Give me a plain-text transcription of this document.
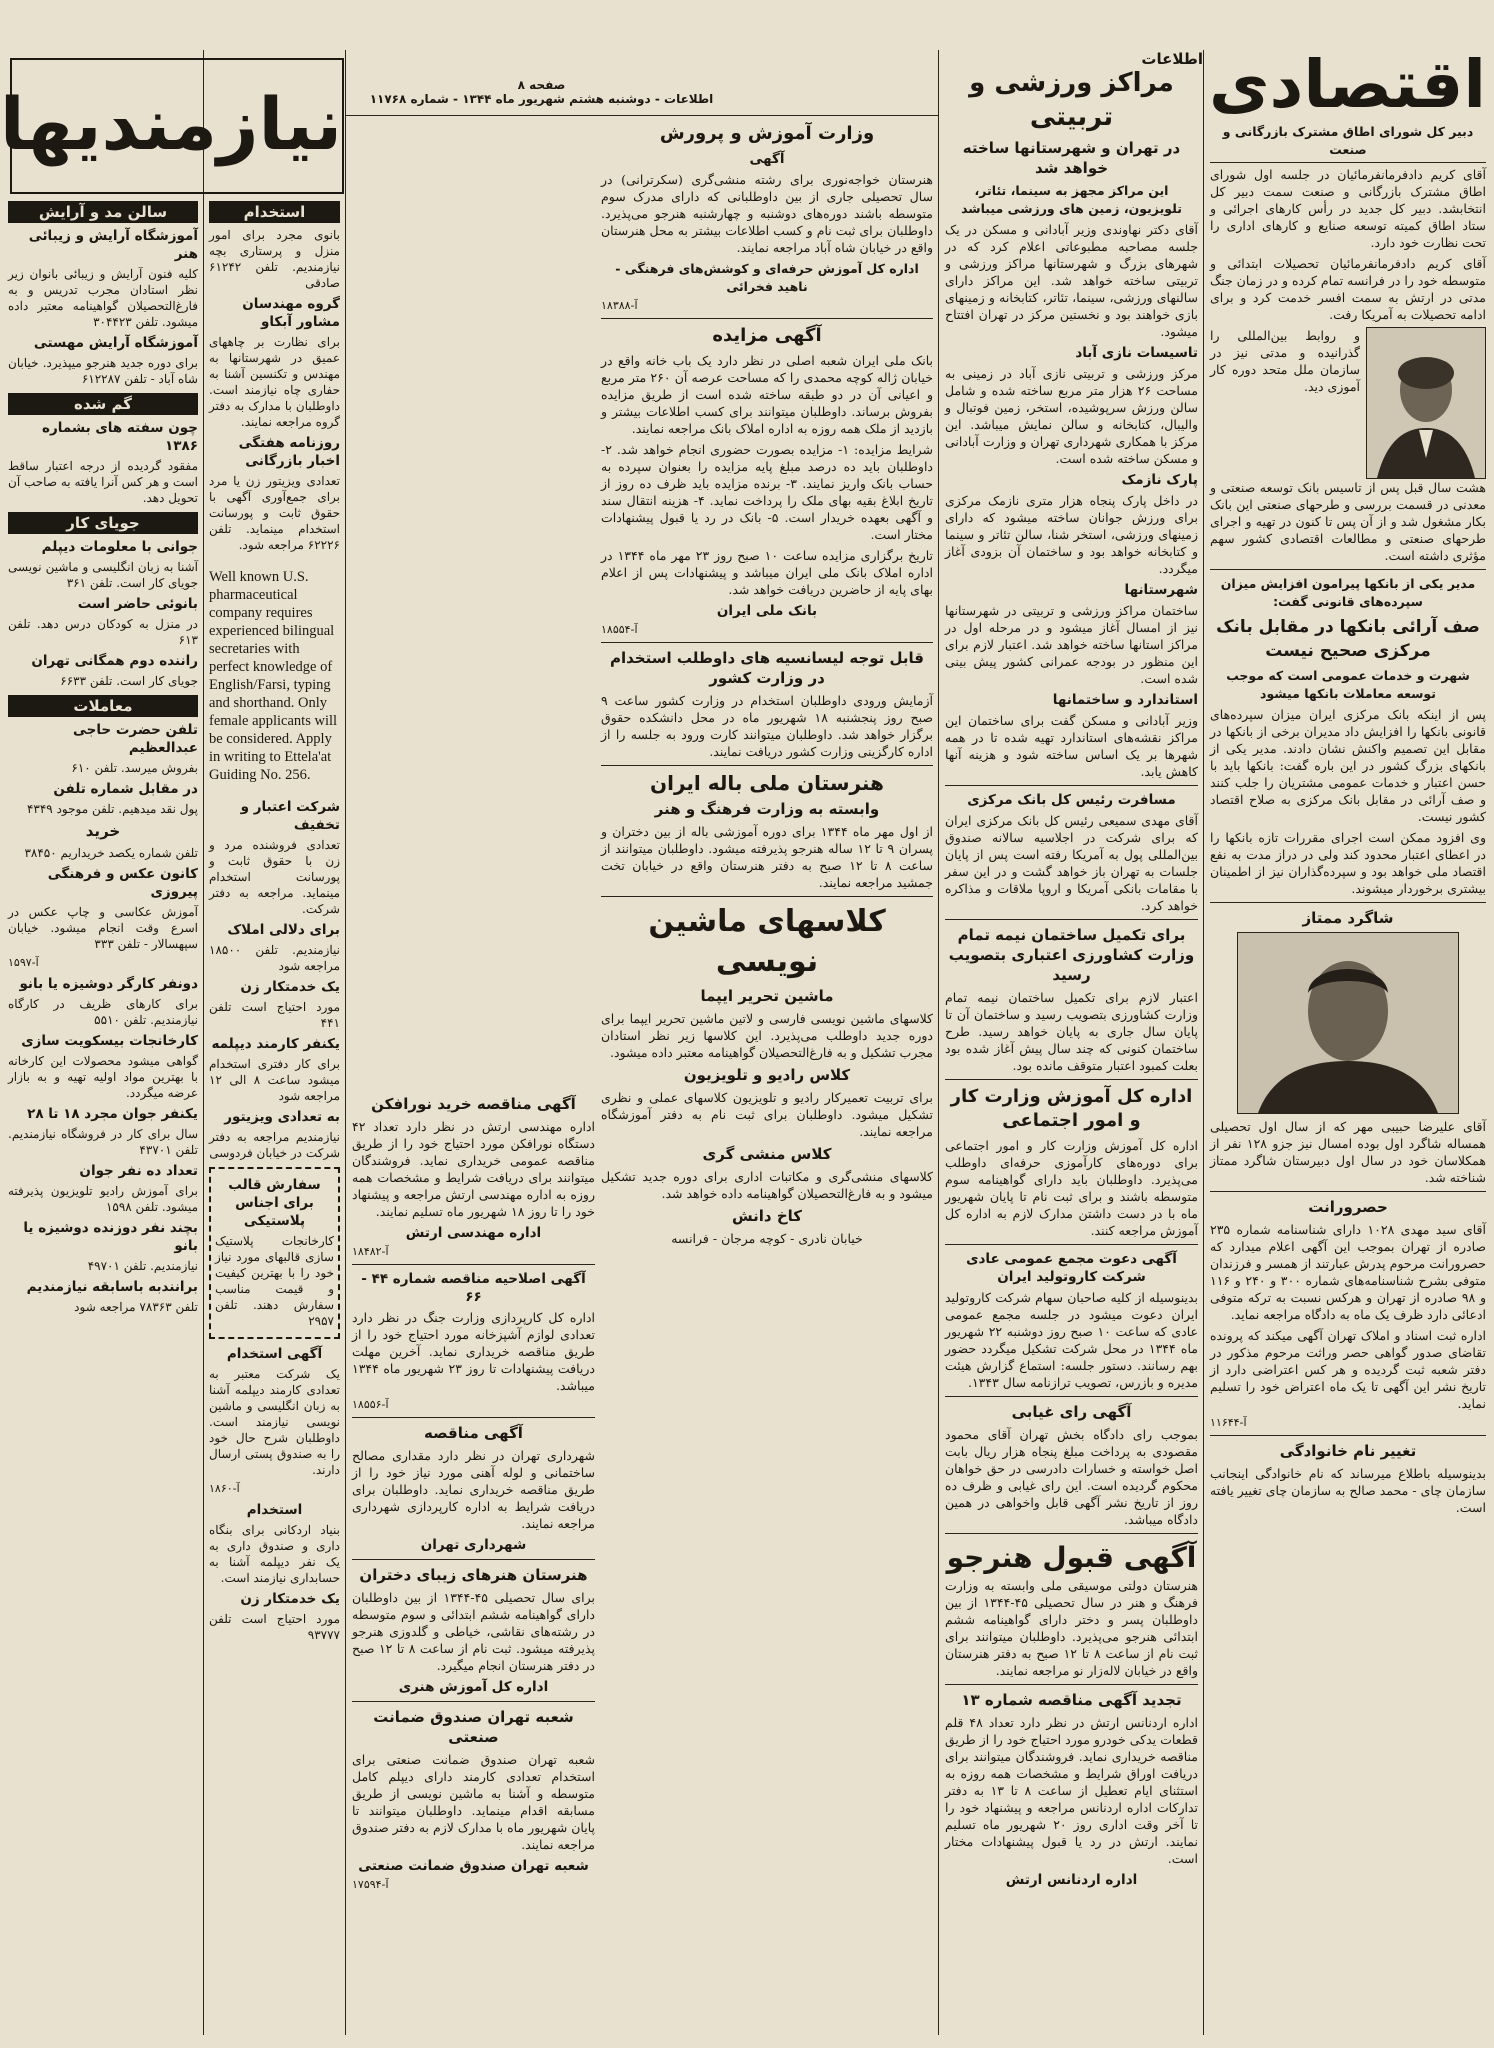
صفحه ۸
اطلاعات - دوشنبه هشتم شهریور ماه ۱۳۴۴ - شماره ۱۱۷۶۸	اقتصادی
اطلاعات
دبیر کل شورای اطاق مشترک بازرگانی و صنعت

آقای کریم دادفرمانفرمائیان در جلسه اول شورای اطاق مشترک بازرگانی و صنعت سمت دبیر کل انتخابشد. دبیر کل جدید در رأس کارهای اجرائی و ستاد اطاق کمیته توسعه صنایع و کارهای اداری را تحت نظارت خود دارد.

آقای کریم دادفرمانفرمائیان تحصیلات ابتدائی و متوسطه خود را در فرانسه تمام کرده و در زمان جنگ مدتی در ارتش به سمت افسر خدمت کرد و برای ادامه تحصیلات به آمریکا رفت.

و روابط بین‌المللی را گذرانیده و مدتی نیز در سازمان ملل متحد دوره کار آموزی دید.

هشت سال قبل پس از تاسیس بانک توسعه صنعتی و معدنی در قسمت بررسی و طرحهای صنعتی این بانک بکار مشغول شد و از آن پس تا کنون در تهیه و اجرای طرحهای صنعتی و مطالعات اقتصادی کشور سهم مؤثری داشته است.

مدیر یکی از بانکها پیرامون افزایش میزان سپرده‌های قانونی گفت:
صف آرائی بانکها در مقابل بانک مرکزی صحیح نیست
شهرت و خدمات عمومی است که موجب توسعه معاملات بانکها میشود

پس از اینکه بانک مرکزی ایران میزان سپرده‌های قانونی بانکها را افزایش داد مدیران برخی از بانکها در مقابل این تصمیم واکنش نشان دادند. مدیر یکی از بانکهای بزرگ کشور در این باره گفت: بانکها باید با حسن اعتبار و خدمات عمومی مشتریان را جلب کنند و صف آرائی در مقابل بانک مرکزی به صلاح اقتصاد کشور نیست.

وی افزود ممکن است اجرای مقررات تازه بانکها را در اعطای اعتبار محدود کند ولی در دراز مدت به نفع اقتصاد ملی خواهد بود و سپرده‌گذاران نیز از اطمینان بیشتری برخوردار میشوند.

شاگرد ممتاز

آقای علیرضا حبیبی مهر که از سال اول تحصیلی همساله شاگرد اول بوده امسال نیز جزو ۱۲۸ نفر از همکلاسان خود در سال اول دبیرستان شاگرد ممتاز شناخته شد.

حصرورانت

آقای سید مهدی ۱۰۲۸ دارای شناسنامه شماره ۲۳۵ صادره از تهران بموجب این آگهی اعلام میدارد که حصرورانت مرحوم پدرش عبارتند از همسر و فرزندان متوفی بشرح شناسنامه‌های شماره ۳۰۰ و ۲۴۰ و ۱۱۶ و ۹۸ صادره از تهران و هرکس نسبت به ترکه متوفی ادعائی دارد ظرف یک ماه به دادگاه مراجعه نماید.

اداره ثبت اسناد و املاک تهران آگهی میکند که پرونده تقاضای صدور گواهی حصر وراثت مرحوم مذکور در دفتر شعبه ثبت گردیده و هر کس اعتراضی دارد از تاریخ نشر این آگهی تا یک ماه اعتراض خود را تسلیم نماید.

آ-۱۱۶۴۴
تغییر نام خانوادگی

بدینوسیله باطلاع میرساند که نام خانوادگی اینجانب سازمان چای - محمد صالح به سازمان چای تغییر یافته است.

مراکز ورزشی و تربیتی
در تهران و شهرستانها ساخته خواهد شد
این مراکز مجهز به سینما، تئاتر، تلویزیون، زمین های ورزشی میباشد

آقای دکتر نهاوندی وزیر آبادانی و مسکن در یک جلسه مصاحبه مطبوعاتی اعلام کرد که در شهرهای بزرگ و شهرستانها مراکز ورزشی و تربیتی ساخته خواهد شد. این مراکز دارای سالنهای ورزشی، سینما، تئاتر، کتابخانه و زمینهای بازی خواهند بود و نخستین مرکز در تهران افتتاح میشود.

تاسیسات نازی آباد

مرکز ورزشی و تربیتی نازی آباد در زمینی به مساحت ۲۶ هزار متر مربع ساخته شده و شامل سالن ورزش سرپوشیده، استخر، زمین فوتبال و والیبال، کتابخانه و سالن نمایش میباشد. این مرکز با همکاری شهرداری تهران و وزارت آبادانی و مسکن ساخته شده است.

پارک نازمک

در داخل پارک پنجاه هزار متری نازمک مرکزی برای ورزش جوانان ساخته میشود که دارای زمینهای ورزشی، استخر شنا، سالن تئاتر و سینما و کتابخانه خواهد بود و ساختمان آن بزودی آغاز میگردد.

شهرستانها

ساختمان مراکز ورزشی و تربیتی در شهرستانها نیز از امسال آغاز میشود و در مرحله اول در مراکز استانها ساخته خواهد شد. اعتبار لازم برای این منظور در بودجه عمرانی کشور پیش بینی شده است.

استاندارد و ساختمانها

وزیر آبادانی و مسکن گفت برای ساختمان این مراکز نقشه‌های استاندارد تهیه شده تا در همه شهرها بر یک اساس ساخته شود و هزینه آنها کاهش یابد.

مسافرت رئیس کل بانک مرکزی

آقای مهدی سمیعی رئیس کل بانک مرکزی ایران که برای شرکت در اجلاسیه سالانه صندوق بین‌المللی پول به آمریکا رفته است پس از پایان جلسات به تهران باز خواهد گشت و در این سفر با مقامات بانکی آمریکا و اروپا ملاقات و مذاکره خواهد کرد.

برای تکمیل ساختمان نیمه تمام وزارت کشاورزی اعتباری بتصویب رسید

اعتبار لازم برای تکمیل ساختمان نیمه تمام وزارت کشاورزی بتصویب رسید و ساختمان آن تا پایان سال جاری به پایان خواهد رسید. طرح ساختمان کنونی که چند سال پیش آغاز شده بود بعلت کمبود اعتبار متوقف مانده بود.

اداره کل آموزش وزارت کار و امور اجتماعی

اداره کل آموزش وزارت کار و امور اجتماعی برای دوره‌های کارآموزی حرفه‌ای داوطلب می‌پذیرد. داوطلبان باید دارای گواهینامه سوم متوسطه باشند و برای ثبت نام تا پایان شهریور ماه با در دست داشتن مدارک لازم به اداره کل آموزش مراجعه کنند.

آگهی دعوت مجمع عمومی عادی شرکت کاروتولید ایران

بدینوسیله از کلیه صاحبان سهام شرکت کاروتولید ایران دعوت میشود در جلسه مجمع عمومی عادی که ساعت ۱۰ صبح روز دوشنبه ۲۲ شهریور ماه ۱۳۴۴ در محل شرکت تشکیل میگردد حضور بهم رسانند. دستور جلسه: استماع گزارش هیئت مدیره و بازرس، تصویب ترازنامه سال ۱۳۴۳.

آگهی رای غیابی

بموجب رای دادگاه بخش تهران آقای محمود مقصودی به پرداخت مبلغ پنجاه هزار ریال بابت اصل خواسته و خسارات دادرسی در حق خواهان محکوم گردیده است. این رای غیابی و ظرف ده روز از تاریخ نشر آگهی قابل واخواهی در همین دادگاه میباشد.

آگهی قبول هنرجو

هنرستان دولتی موسیقی ملی وابسته به وزارت فرهنگ و هنر در سال تحصیلی ۴۵-۱۳۴۴ از بین داوطلبان پسر و دختر دارای گواهینامه ششم ابتدائی هنرجو می‌پذیرد. داوطلبان میتوانند برای ثبت نام از ساعت ۸ تا ۱۲ صبح به دفتر هنرستان واقع در خیابان لاله‌زار نو مراجعه نمایند.

تجدید آگهی مناقصه شماره ۱۳

اداره اردنانس ارتش در نظر دارد تعداد ۴۸ قلم قطعات یدکی خودرو مورد احتیاج خود را از طریق مناقصه خریداری نماید. فروشندگان میتوانند برای دریافت اوراق شرایط و مشخصات همه روزه به استثنای ایام تعطیل از ساعت ۸ تا ۱۳ به دفتر تدارکات اداره اردنانس مراجعه و پیشنهاد خود را تا آخر وقت اداری روز ۲۰ شهریور ماه تسلیم نمایند. ارتش در رد یا قبول پیشنهادات مختار است.

اداره اردنانس ارتش
وزارت آموزش و پرورش
آگهی

هنرستان خواجه‌نوری برای رشته منشی‌گری (سکرترانی) در سال تحصیلی جاری از بین داوطلبانی که دارای مدرک سوم متوسطه باشند دوره‌های دوشنبه و چهارشنبه هنرجو می‌پذیرد. داوطلبان برای ثبت نام و کسب اطلاعات بیشتر به محل هنرستان واقع در خیابان شاه آباد مراجعه نمایند.

اداره کل آموزش حرفه‌ای و کوشش‌های فرهنگی - ناهید فخرائی
آ-۱۸۳۸۸
آگهی مزایده

بانک ملی ایران شعبه اصلی در نظر دارد یک باب خانه واقع در خیابان ژاله کوچه محمدی را که مساحت عرصه آن ۲۶۰ متر مربع و اعیانی آن در دو طبقه ساخته شده است از طریق مزایده بفروش برساند. داوطلبان میتوانند برای کسب اطلاعات بیشتر و بازدید از ملک همه روزه به اداره املاک بانک مراجعه نمایند.

شرایط مزایده: ۱- مزایده بصورت حضوری انجام خواهد شد. ۲- داوطلبان باید ده درصد مبلغ پایه مزایده را بعنوان سپرده به حساب بانک واریز نمایند. ۳- برنده مزایده باید ظرف ده روز از تاریخ ابلاغ بقیه بهای ملک را پرداخت نماید. ۴- هزینه انتقال سند و آگهی بعهده خریدار است. ۵- بانک در رد یا قبول پیشنهادات مختار است.

تاریخ برگزاری مزایده ساعت ۱۰ صبح روز ۲۳ مهر ماه ۱۳۴۴ در اداره املاک بانک ملی ایران میباشد و پیشنهادات پس از اعلام بهای پایه از حاضرین دریافت خواهد شد.

بانک ملی ایران
آ-۱۸۵۵۴
قابل توجه لیسانسیه های داوطلب استخدام در وزارت کشور

آزمایش ورودی داوطلبان استخدام در وزارت کشور ساعت ۹ صبح روز پنجشنبه ۱۸ شهریور ماه در محل دانشکده حقوق برگزار خواهد شد. داوطلبان میتوانند کارت ورود به جلسه را از اداره کارگزینی وزارت کشور دریافت نمایند.

هنرستان ملی باله ایران
وابسته به وزارت فرهنگ و هنر

از اول مهر ماه ۱۳۴۴ برای دوره آموزشی باله از بین دختران و پسران ۹ تا ۱۲ ساله هنرجو پذیرفته میشود. داوطلبان میتوانند از ساعت ۸ تا ۱۲ صبح به دفتر هنرستان واقع در خیابان تخت جمشید مراجعه نمایند.

کلاسهای ماشین نویسی
ماشین تحریر ایپما

کلاسهای ماشین نویسی فارسی و لاتین ماشین تحریر ایپما برای دوره جدید داوطلب می‌پذیرد. این کلاسها زیر نظر استادان مجرب تشکیل و به فارغ‌التحصیلان گواهینامه معتبر داده میشود.

کلاس رادیو و تلویزیون

برای تربیت تعمیرکار رادیو و تلویزیون کلاسهای عملی و نظری تشکیل میشود. داوطلبان برای ثبت نام به دفتر آموزشگاه مراجعه نمایند.

کلاس منشی گری

کلاسهای منشی‌گری و مکاتبات اداری برای دوره جدید تشکیل میشود و به فارغ‌التحصیلان گواهینامه داده خواهد شد.

کاخ دانش

خیابان نادری - کوچه مرجان - فرانسه

آگهی مناقصه خرید نورافکن

اداره مهندسی ارتش در نظر دارد تعداد ۴۲ دستگاه نورافکن مورد احتیاج خود را از طریق مناقصه عمومی خریداری نماید. فروشندگان میتوانند برای دریافت شرایط و مشخصات همه روزه به اداره مهندسی ارتش مراجعه و پیشنهاد خود را تا روز ۱۸ شهریور ماه تسلیم نمایند.

اداره مهندسی ارتش
آ-۱۸۴۸۲
آگهی اصلاحیه مناقصه شماره ۴۴ - ۶۶

اداره کل کارپردازی وزارت جنگ در نظر دارد تعدادی لوازم آشپزخانه مورد احتیاج خود را از طریق مناقصه خریداری نماید. آخرین مهلت دریافت پیشنهادات تا روز ۲۳ شهریور ماه ۱۳۴۴ میباشد.

آ-۱۸۵۵۶
آگهی مناقصه

شهرداری تهران در نظر دارد مقداری مصالح ساختمانی و لوله آهنی مورد نیاز خود را از طریق مناقصه خریداری نماید. داوطلبان برای دریافت شرایط به اداره کارپردازی شهرداری مراجعه نمایند.

شهرداری تهران
هنرستان هنرهای زیبای دختران

برای سال تحصیلی ۴۵-۱۳۴۴ از بین داوطلبان دارای گواهینامه ششم ابتدائی و سوم متوسطه در رشته‌های نقاشی، خیاطی و گلدوزی هنرجو پذیرفته میشود. ثبت نام از ساعت ۸ تا ۱۲ صبح در دفتر هنرستان انجام میگیرد.

اداره کل آموزش هنری
شعبه تهران صندوق ضمانت صنعتی

شعبه تهران صندوق ضمانت صنعتی برای استخدام تعدادی کارمند دارای دیپلم کامل متوسطه و آشنا به ماشین نویسی از طریق مسابقه اقدام مینماید. داوطلبان میتوانند تا پایان شهریور ماه با مدارک لازم به دفتر صندوق مراجعه نمایند.

شعبه تهران صندوق ضمانت صنعتی
آ-۱۷۵۹۴
استخدام

بانوی مجرد برای امور منزل و پرستاری بچه نیازمندیم. تلفن ۶۱۲۴۲ صادقی

گروه مهندسان مشاور آبکاو

برای نظارت بر چاههای عمیق در شهرستانها به مهندس و تکنسین آشنا به حفاری چاه نیازمند است. داوطلبان با مدارک به دفتر گروه مراجعه نمایند.

روزنامه هفتگی اخبار بازرگانی

تعدادی ویزیتور زن یا مرد برای جمع‌آوری آگهی با حقوق ثابت و پورسانت استخدام مینماید. تلفن ۶۲۲۲۶ مراجعه شود.

Well known U.S. pharmaceutical company requires experienced bilingual secretaries with perfect knowledge of English/Farsi, typing and shorthand. Only female applicants will be considered. Apply in writing to Ettela'at Guiding No. 256.

شرکت اعتبار و تخفیف

تعدادی فروشنده مرد و زن با حقوق ثابت و پورسانت استخدام مینماید. مراجعه به دفتر شرکت.

برای دلالی املاک

نیازمندیم. تلفن ۱۸۵۰۰ مراجعه شود

یک خدمتکار زن

مورد احتیاج است تلفن ۴۴۱

یکنفر کارمند دیپلمه

برای کار دفتری استخدام میشود ساعت ۸ الی ۱۲ مراجعه شود

به تعدادی ویزیتور

نیازمندیم مراجعه به دفتر شرکت در خیابان فردوسی

سفارش قالب برای اجناس پلاستیکی

کارخانجات پلاستیک سازی قالبهای مورد نیاز خود را با بهترین کیفیت و قیمت مناسب سفارش دهند. تلفن ۲۹۵۷

آگهی استخدام

یک شرکت معتبر به تعدادی کارمند دیپلمه آشنا به زبان انگلیسی و ماشین نویسی نیازمند است. داوطلبان شرح حال خود را به صندوق پستی ارسال دارند.

آ-۱۸۶۰
استخدام

بنیاد اردکانی برای بنگاه داری و صندوق داری به یک نفر دیپلمه آشنا به حسابداری نیازمند است.

یک خدمتکار زن

مورد احتیاج است تلفن ۹۳۷۷۷

نیازمندیها
سالن مد و آرایش
آموزشگاه آرایش و زیبائی هنر

کلیه فنون آرایش و زیبائی بانوان زیر نظر استادان مجرب تدریس و به فارغ‌التحصیلان گواهینامه معتبر داده میشود. تلفن ۳۰۴۴۲۳

آموزشگاه آرایش مهستی

برای دوره جدید هنرجو میپذیرد. خیابان شاه آباد - تلفن ۶۱۲۲۸۷

گم شده
چون سفته های بشماره ۱۳۸۶

مفقود گردیده از درجه اعتبار ساقط است و هر کس آنرا یافته به صاحب آن تحویل دهد.

جویای کار
جوانی با معلومات دیپلم

آشنا به زبان انگلیسی و ماشین نویسی جویای کار است. تلفن ۳۶۱

بانوئی حاضر است

در منزل به کودکان درس دهد. تلفن ۶۱۳

راننده دوم همگانی تهران

جویای کار است. تلفن ۶۶۳۳

معاملات
تلفن حضرت حاجی عبدالعظیم

بفروش میرسد. تلفن ۶۱۰

در مقابل شماره تلفن

پول نقد میدهیم. تلفن موجود ۴۳۴۹

خرید

تلفن شماره یکصد خریداریم ۳۸۴۵۰

کانون عکس و فرهنگی پیروزی

آموزش عکاسی و چاپ عکس در اسرع وقت انجام میشود. خیابان سپهسالار - تلفن ۳۳۳

آ-۱۵۹۷
دونفر کارگر دوشیزه یا بانو

برای کارهای ظریف در کارگاه نیازمندیم. تلفن ۵۵۱۰

کارخانجات بیسکویت سازی

گواهی میشود محصولات این کارخانه با بهترین مواد اولیه تهیه و به بازار عرضه میگردد.

یکنفر جوان مجرد ۱۸ تا ۲۸

سال برای کار در فروشگاه نیازمندیم. تلفن ۴۳۷۰۱

تعداد ده نفر جوان

برای آموزش رادیو تلویزیون پذیرفته میشود. تلفن ۱۵۹۸

بچند نفر دوزنده دوشیزه یا بانو

نیازمندیم. تلفن ۴۹۷۰۱

برانندبه باسابقه نیازمندیم

تلفن ۷۸۳۶۳ مراجعه شود
